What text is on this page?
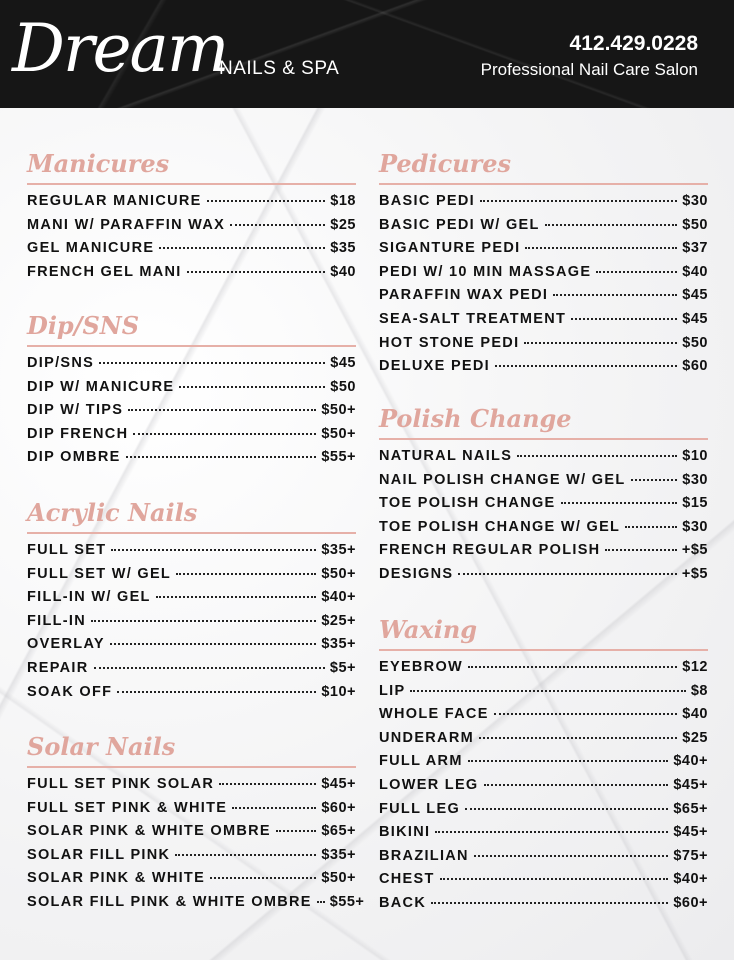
Dream
NAILS & SPA
412.429.0228
Professional Nail Care Salon
Manicures
REGULAR MANICURE	$18
MANI W/ PARAFFIN WAX	$25
GEL MANICURE	$35
FRENCH GEL MANI	$40
Dip/SNS
DIP/SNS	$45
DIP W/ MANICURE	$50
DIP W/ TIPS	$50+
DIP FRENCH	$50+
DIP OMBRE	$55+
Acrylic Nails
FULL SET	$35+
FULL SET W/ GEL	$50+
FILL-IN W/ GEL	$40+
FILL-IN	$25+
OVERLAY	$35+
REPAIR	$5+
SOAK OFF	$10+
Solar Nails
FULL SET PINK SOLAR	$45+
FULL SET PINK & WHITE	$60+
SOLAR PINK & WHITE OMBRE	$65+
SOLAR FILL PINK	$35+
SOLAR PINK & WHITE	$50+
SOLAR FILL PINK & WHITE OMBRE $55+
Pedicures
BASIC PEDI	$30
BASIC PEDI W/ GEL	$50
SIGANTURE PEDI	$37
PEDI W/ 10 MIN MASSAGE	$40
PARAFFIN WAX PEDI	$45
SEA-SALT TREATMENT	$45
HOT STONE PEDI	$50
DELUXE PEDI	$60
Polish Change
NATURAL NAILS	$10
NAIL POLISH CHANGE W/ GEL	$30
TOE POLISH CHANGE	$15
TOE POLISH CHANGE W/ GEL	$30
FRENCH REGULAR POLISH	+$5
DESIGNS	+$5
Waxing
EYEBROW	$12
LIP	$8
WHOLE FACE	$40
UNDERARM	$25
FULL ARM	$40+
LOWER LEG	$45+
FULL LEG	$65+
BIKINI	$45+
BRAZILIAN	$75+
CHEST	$40+
BACK	$60+
